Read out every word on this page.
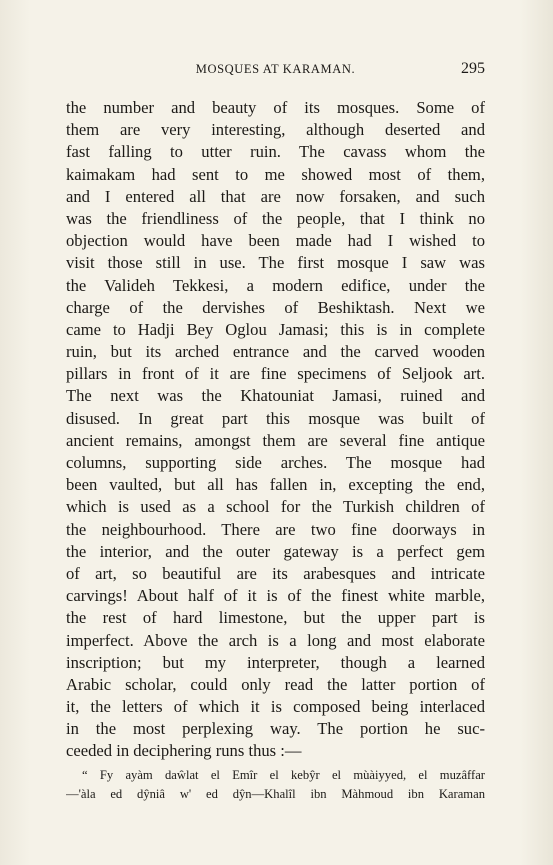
MOSQUES AT KARAMAN.	295
the number and beauty of its mosques. Some of
them are very interesting, although deserted and
fast falling to utter ruin. The cavass whom the
kaimakam had sent to me showed most of them,
and I entered all that are now forsaken, and such
was the friendliness of the people, that I think no
objection would have been made had I wished to
visit those still in use. The first mosque I saw was
the Valideh Tekkesi, a modern edifice, under the
charge of the dervishes of Beshiktash. Next we
came to Hadji Bey Oglou Jamasi; this is in complete
ruin, but its arched entrance and the carved wooden
pillars in front of it are fine specimens of Seljook art.
The next was the Khatouniat Jamasi, ruined and
disused. In great part this mosque was built of
ancient remains, amongst them are several fine antique
columns, supporting side arches. The mosque had
been vaulted, but all has fallen in, excepting the end,
which is used as a school for the Turkish children of
the neighbourhood. There are two fine doorways in
the interior, and the outer gateway is a perfect gem
of art, so beautiful are its arabesques and intricate
carvings! About half of it is of the finest white marble,
the rest of hard limestone, but the upper part is
imperfect. Above the arch is a long and most elaborate
inscription; but my interpreter, though a learned
Arabic scholar, could only read the latter portion of
it, the letters of which it is composed being interlaced
in the most perplexing way. The portion he suc-
ceeded in deciphering runs thus :—
“ Fy ayàm daŵlat el Emîr el kebŷr el mùàiyyed, el muzâffar
—'àla ed dŷniâ w' ed dŷn—Khalîl ibn Màhmoud ibn Karaman
